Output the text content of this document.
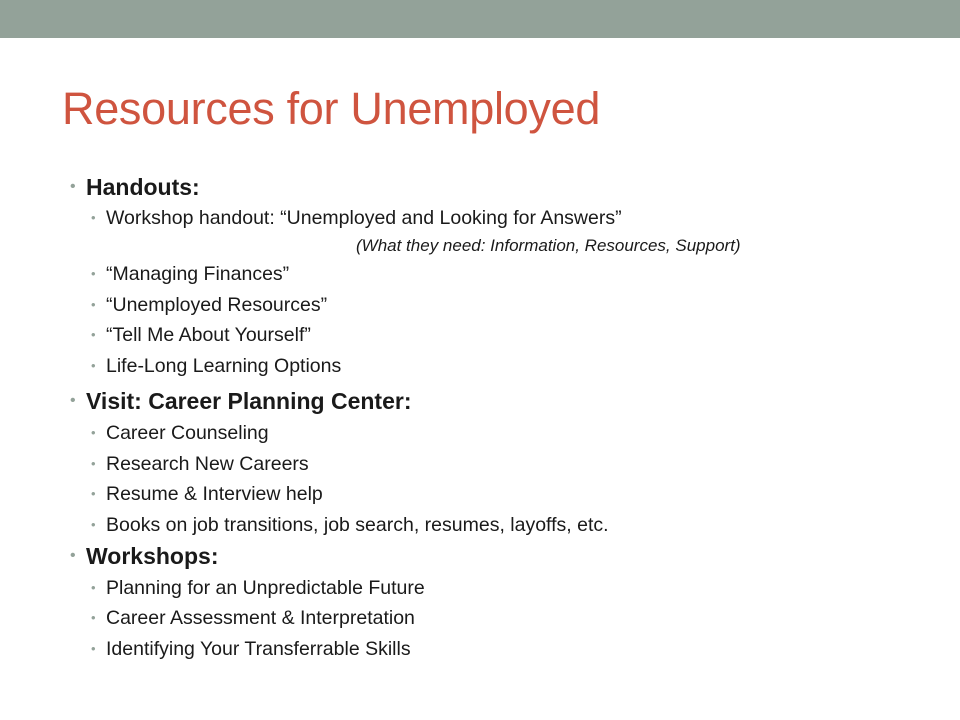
Resources for Unemployed

• Handouts:

• Workshop handout: “Unemployed and Looking for Answers”

(What they need: Information, Resources, Support)

• “Managing Finances”

• “Unemployed Resources”

• “Tell Me About Yourself”

• Life-Long Learning Options

• Visit: Career Planning Center:

• Career Counseling

• Research New Careers

• Resume & Interview help

• Books on job transitions, job search, resumes, layoffs, etc.

• Workshops:

• Planning for an Unpredictable Future

• Career Assessment & Interpretation

• Identifying Your Transferrable Skills
